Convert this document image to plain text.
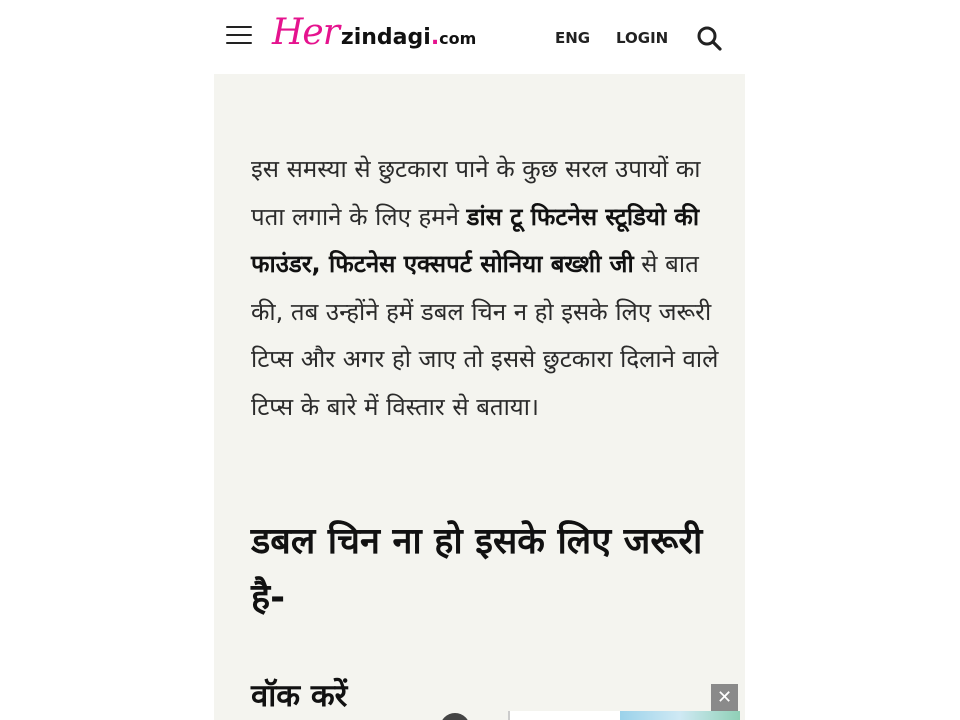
Her zindagi . com	ENG LOGIN

इस समस्या से छुटकारा पाने के कुछ सरल उपायों का पता लगाने के लिए हमने डांस टू फिटनेस स्टूडियो की फाउंडर, फिटनेस एक्सपर्ट सोनिया बख्शी जी से बात की, तब उन्होंने हमें डबल चिन न हो इसके लिए जरूरी टिप्स और अगर हो जाए तो इससे छुटकारा दिलाने वाले टिप्स के बारे में विस्तार से बताया।

डबल चिन ना हो इसके लिए जरूरी है-
वॉक करें	✕
